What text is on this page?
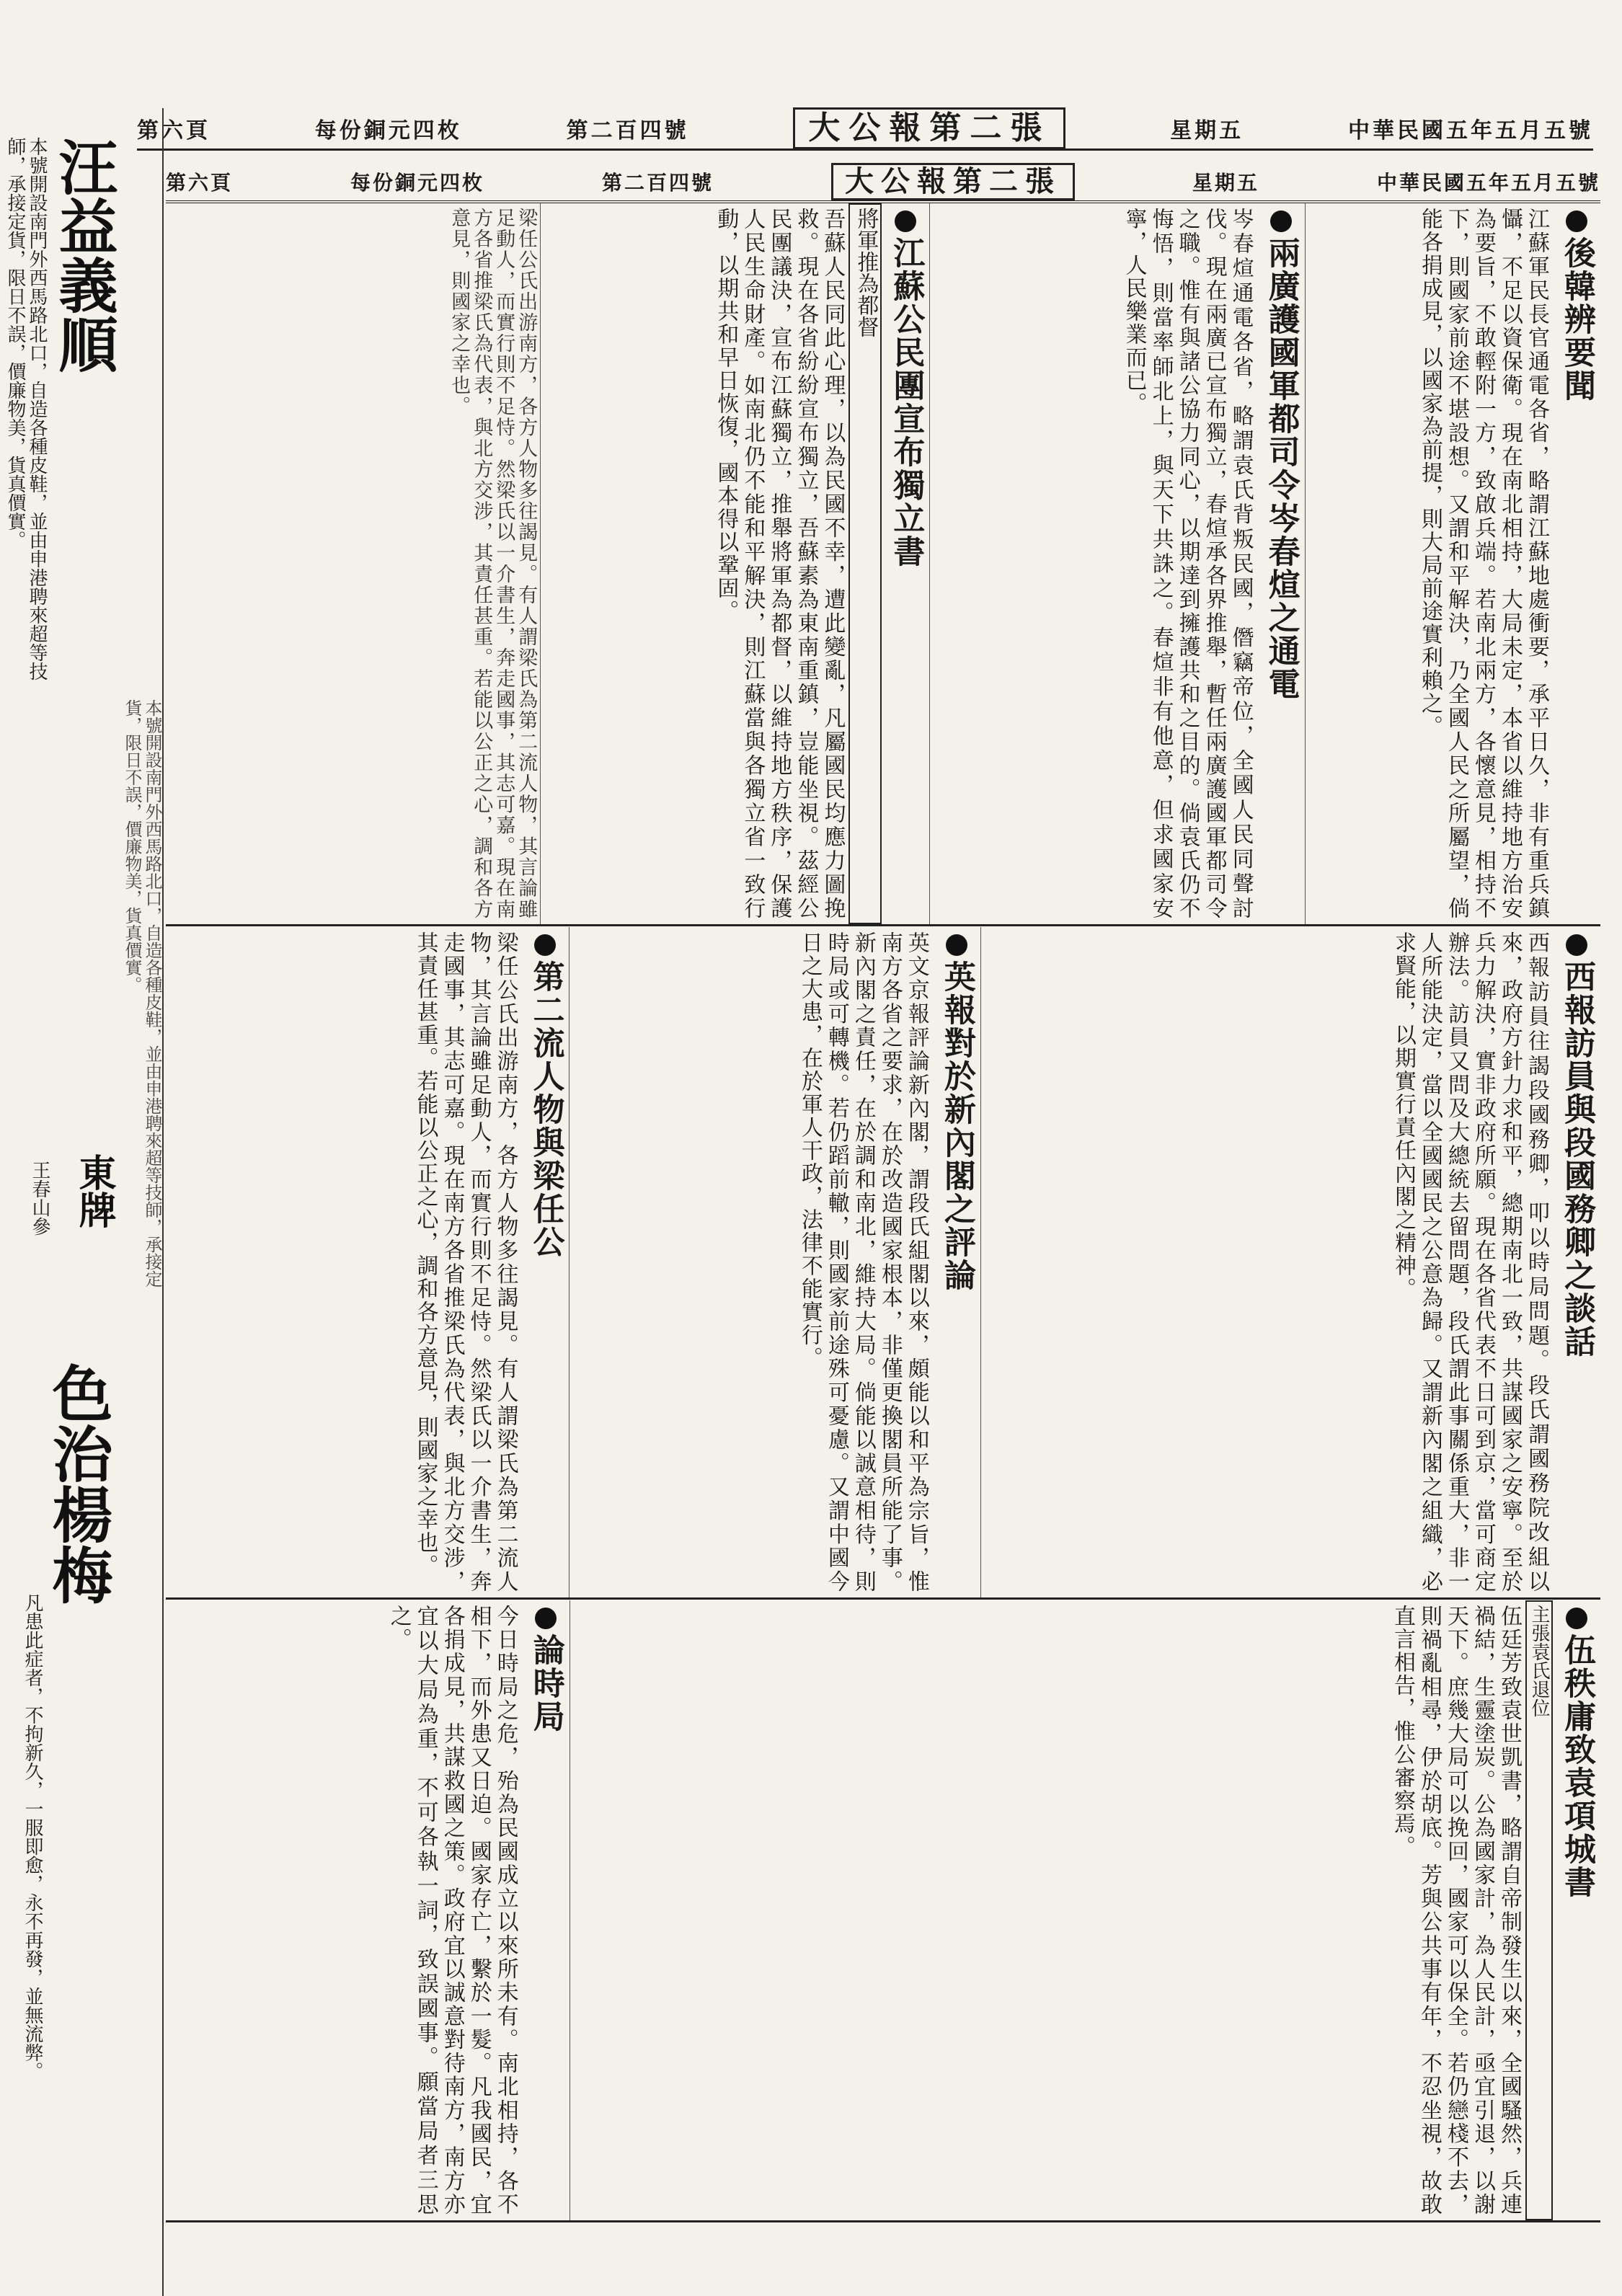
中華民國五年五月五號
星期五
大公報第二張
第二百四號
每份銅元四枚
第六頁
中華民國五年五月五號
星期五
大公報第二張
第二百四號
每份銅元四枚
第六頁
汪益義順
本號開設南門外西馬路北口，自造各種皮鞋，並由申港聘來超等技師，承接定貨，限日不誤，價廉物美，貨真價實。
本號開設南門外西馬路北口，自造各種皮鞋，並由申港聘來超等技師，承接定貨，限日不誤，價廉物美，貨真價實。
東牌
王春山參
色治楊梅
凡患此症者，不拘新久，一服即愈，永不再發，並無流弊。
後韓辨要聞
江蘇軍民長官通電各省，略謂江蘇地處衝要，承平日久，非有重兵鎮懾，不足以資保衛。現在南北相持，大局未定，本省以維持地方治安為要旨，不敢輕附一方，致啟兵端。若南北兩方，各懷意見，相持不下，則國家前途不堪設想。又謂和平解決，乃全國人民之所屬望，倘能各捐成見，以國家為前提，則大局前途實利賴之。
兩廣護國軍都司令岑春煊之通電
岑春煊通電各省，略謂袁氏背叛民國，僭竊帝位，全國人民同聲討伐。現在兩廣已宣布獨立，春煊承各界推舉，暫任兩廣護國軍都司令之職。惟有與諸公協力同心，以期達到擁護共和之目的。倘袁氏仍不悔悟，則當率師北上，與天下共誅之。春煊非有他意，但求國家安寧，人民樂業而已。
江蘇公民團宣布獨立書
將軍推為都督
吾蘇人民同此心理，以為民國不幸，遭此變亂，凡屬國民均應力圖挽救。現在各省紛紛宣布獨立，吾蘇素為東南重鎮，豈能坐視。茲經公民團議決，宣布江蘇獨立，推舉將軍為都督，以維持地方秩序，保護人民生命財產。如南北仍不能和平解決，則江蘇當與各獨立省一致行動，以期共和早日恢復，國本得以鞏固。
梁任公氏出游南方，各方人物多往謁見。有人謂梁氏為第二流人物，其言論雖足動人，而實行則不足恃。然梁氏以一介書生，奔走國事，其志可嘉。現在南方各省推梁氏為代表，與北方交涉，其責任甚重。若能以公正之心，調和各方意見，則國家之幸也。
西報訪員與段國務卿之談話
西報訪員往謁段國務卿，叩以時局問題。段氏謂國務院改組以來，政府方針力求和平，總期南北一致，共謀國家之安寧。至於兵力解決，實非政府所願。現在各省代表不日可到京，當可商定辦法。訪員又問及大總統去留問題，段氏謂此事關係重大，非一人所能決定，當以全國國民之公意為歸。又謂新內閣之組織，必求賢能，以期實行責任內閣之精神。
英報對於新內閣之評論
英文京報評論新內閣，謂段氏組閣以來，頗能以和平為宗旨，惟南方各省之要求，在於改造國家根本，非僅更換閣員所能了事。新內閣之責任，在於調和南北，維持大局。倘能以誠意相待，則時局或可轉機。若仍蹈前轍，則國家前途殊可憂慮。又謂中國今日之大患，在於軍人干政，法律不能實行。
第二流人物與梁任公
梁任公氏出游南方，各方人物多往謁見。有人謂梁氏為第二流人物，其言論雖足動人，而實行則不足恃。然梁氏以一介書生，奔走國事，其志可嘉。現在南方各省推梁氏為代表，與北方交涉，其責任甚重。若能以公正之心，調和各方意見，則國家之幸也。
伍秩庸致袁項城書
主張袁氏退位
伍廷芳致袁世凱書，略謂自帝制發生以來，全國騷然，兵連禍結，生靈塗炭。公為國家計，為人民計，亟宜引退，以謝天下。庶幾大局可以挽回，國家可以保全。若仍戀棧不去，則禍亂相尋，伊於胡底。芳與公共事有年，不忍坐視，故敢直言相告，惟公審察焉。
論時局
今日時局之危，殆為民國成立以來所未有。南北相持，各不相下，而外患又日迫。國家存亡，繫於一髮。凡我國民，宜各捐成見，共謀救國之策。政府宜以誠意對待南方，南方亦宜以大局為重，不可各執一詞，致誤國事。願當局者三思之。
